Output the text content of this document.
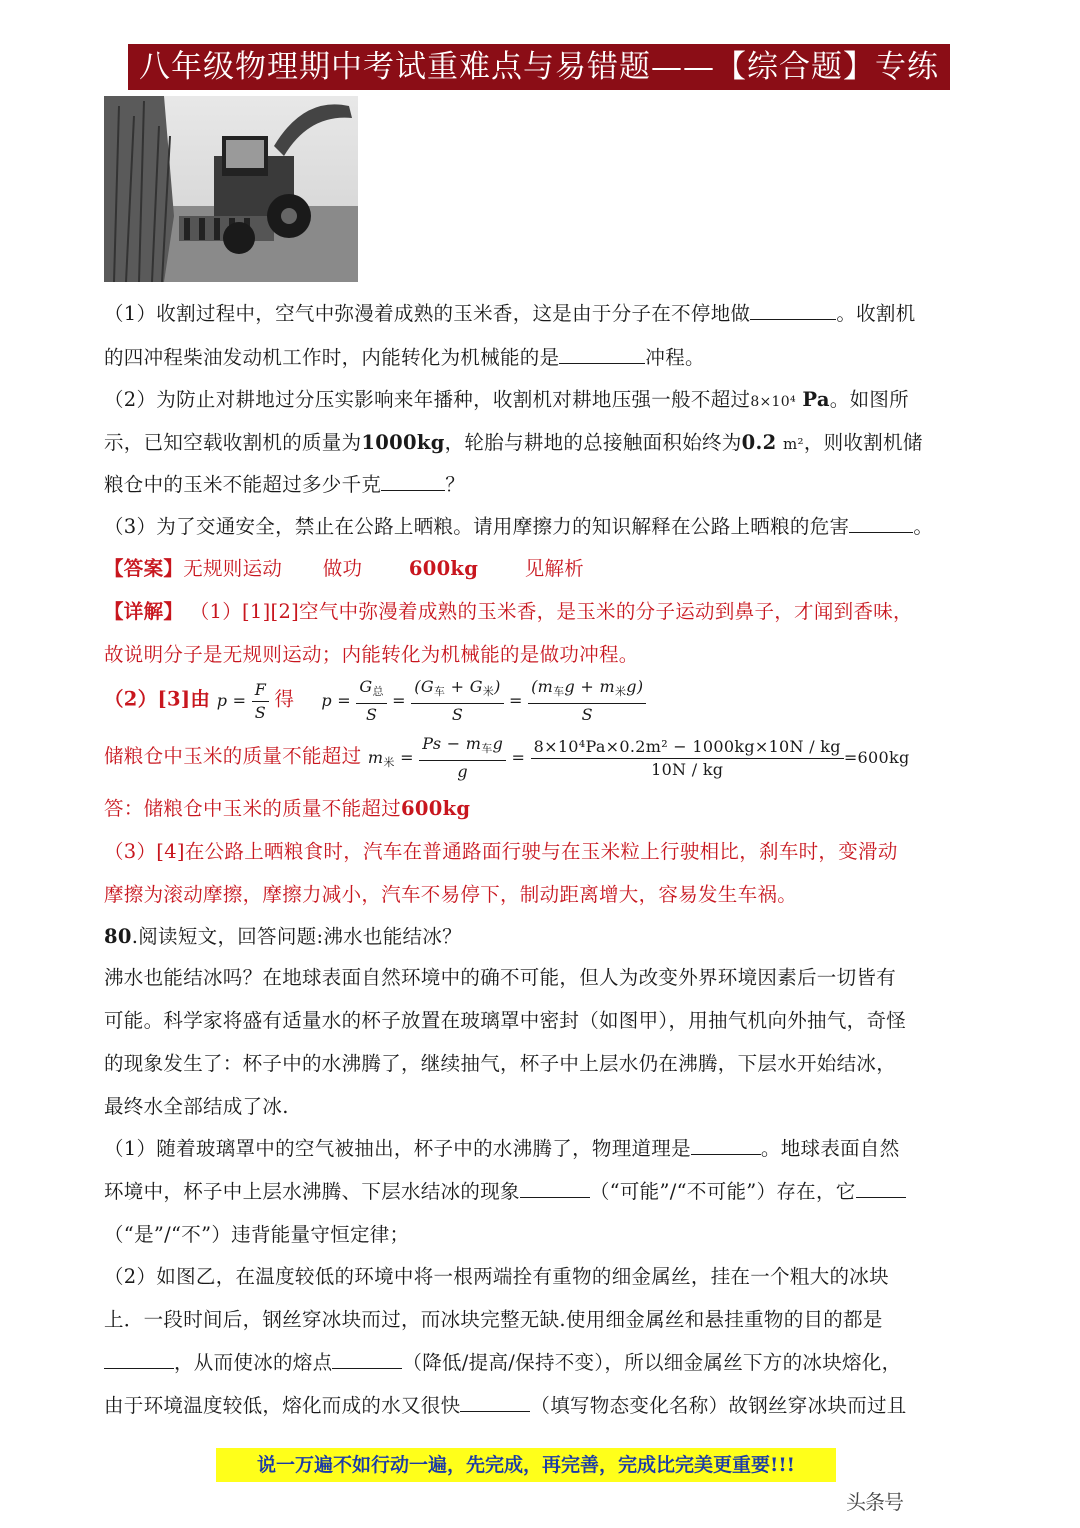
八年级物理期中考试重难点与易错题——【综合题】专练
（1）收割过程中，空气中弥漫着成熟的玉米香，这是由于分子在不停地做	。收割机
的四冲程柴油发动机工作时，内能转化为机械能的是	冲程。
（2）为防止对耕地过分压实影响来年播种，收割机对耕地压强一般不超过8×10⁴ Pa。如图所
示，已知空载收割机的质量为1000kg，轮胎与耕地的总接触面积始终为0.2 m²，则收割机储
粮仓中的玉米不能超过多少千克	？
（3）为了交通安全，禁止在公路上晒粮。请用摩擦力的知识解释在公路上晒粮的危害	。
【答案】无规则运动 做功 600kg 见解析
【详解】 （1）[1][2]空气中弥漫着成熟的玉米香，是玉米的分子运动到鼻子，才闻到香味，
故说明分子是无规则运动；内能转化为机械能的是做功冲程。
（2）[3]由 $p = \frac{F}{S}$ 得 $p = \frac{G_总}{S} = \frac{(G_车 + G_米)}{S} = \frac{(m_车g + m_米g)}{S}$
储粮仓中玉米的质量不能超过 $m_米 = \frac{Ps - m_车g}{g} = \frac{\text{8×10⁴Pa×0.2m² − 1000kg×10N / kg}}{10N / kg} =600kg$
答：储粮仓中玉米的质量不能超过600kg
（3）[4]在公路上晒粮食时，汽车在普通路面行驶与在玉米粒上行驶相比，刹车时，变滑动
摩擦为滚动摩擦，摩擦力减小，汽车不易停下，制动距离增大，容易发生车祸。
80.阅读短文，回答问题:沸水也能结冰？
沸水也能结冰吗？在地球表面自然环境中的确不可能，但人为改变外界环境因素后一切皆有
可能。科学家将盛有适量水的杯子放置在玻璃罩中密封（如图甲），用抽气机向外抽气，奇怪
的现象发生了：杯子中的水沸腾了，继续抽气，杯子中上层水仍在沸腾，下层水开始结冰，
最终水全部结成了冰.
（1）随着玻璃罩中的空气被抽出，杯子中的水沸腾了，物理道理是	。地球表面自然
环境中，杯子中上层水沸腾、下层水结冰的现象	（“可能”/“不可能”）存在，它
（“是”/“不”）违背能量守恒定律；
（2）如图乙，在温度较低的环境中将一根两端拴有重物的细金属丝，挂在一个粗大的冰块
上．一段时间后，钢丝穿冰块而过，而冰块完整无缺.使用细金属丝和悬挂重物的目的都是
，从而使冰的熔点	（降低/提高/保持不变），所以细金属丝下方的冰块熔化，
由于环境温度较低，熔化而成的水又很快	（填写物态变化名称）故钢丝穿冰块而过且
说一万遍不如行动一遍，先完成，再完善，完成比完美更重要!!!
头条号
